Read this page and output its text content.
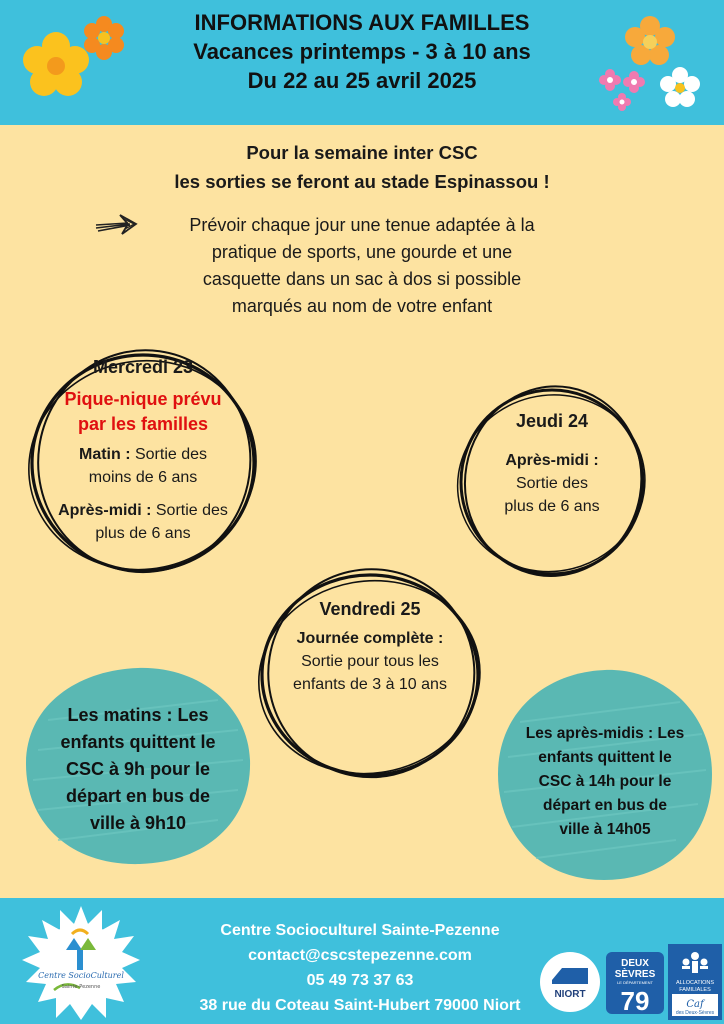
INFORMATIONS AUX FAMILLES
Vacances printemps - 3 à 10 ans
Du 22 au 25 avril 2025
Pour la semaine inter CSC
les sorties se feront au stade Espinassou !
Prévoir chaque jour une tenue adaptée à la
pratique de sports, une gourde et une
casquette dans un sac à dos si possible
marqués au nom de votre enfant
Mercredi 23
Pique-nique prévu
par les familles
Matin : Sortie des
moins de 6 ans
Après-midi : Sortie des
plus de 6 ans
Jeudi 24
Après-midi :
Sortie des
plus de 6 ans
Vendredi 25
Journée complète :
Sortie pour tous les
enfants de 3 à 10 ans
Les matins : Les
enfants quittent le
CSC à 9h pour le
départ en bus de
ville à 9h10
Les après-midis : Les
enfants quittent le
CSC à 14h pour le
départ en bus de
ville à 14h05
Centre SocioCulturel
Sainte-Pezenne
Centre Socioculturel Sainte-Pezenne
contact@cscstepezenne.com
05 49 73 37 63
38 rue du Coteau Saint-Hubert 79000 Niort
NIORT
DEUX
SÈVRES
LE DÉPARTEMENT
79
ALLOCATIONS
FAMILIALES
Caf
des Deux-Sèvres
